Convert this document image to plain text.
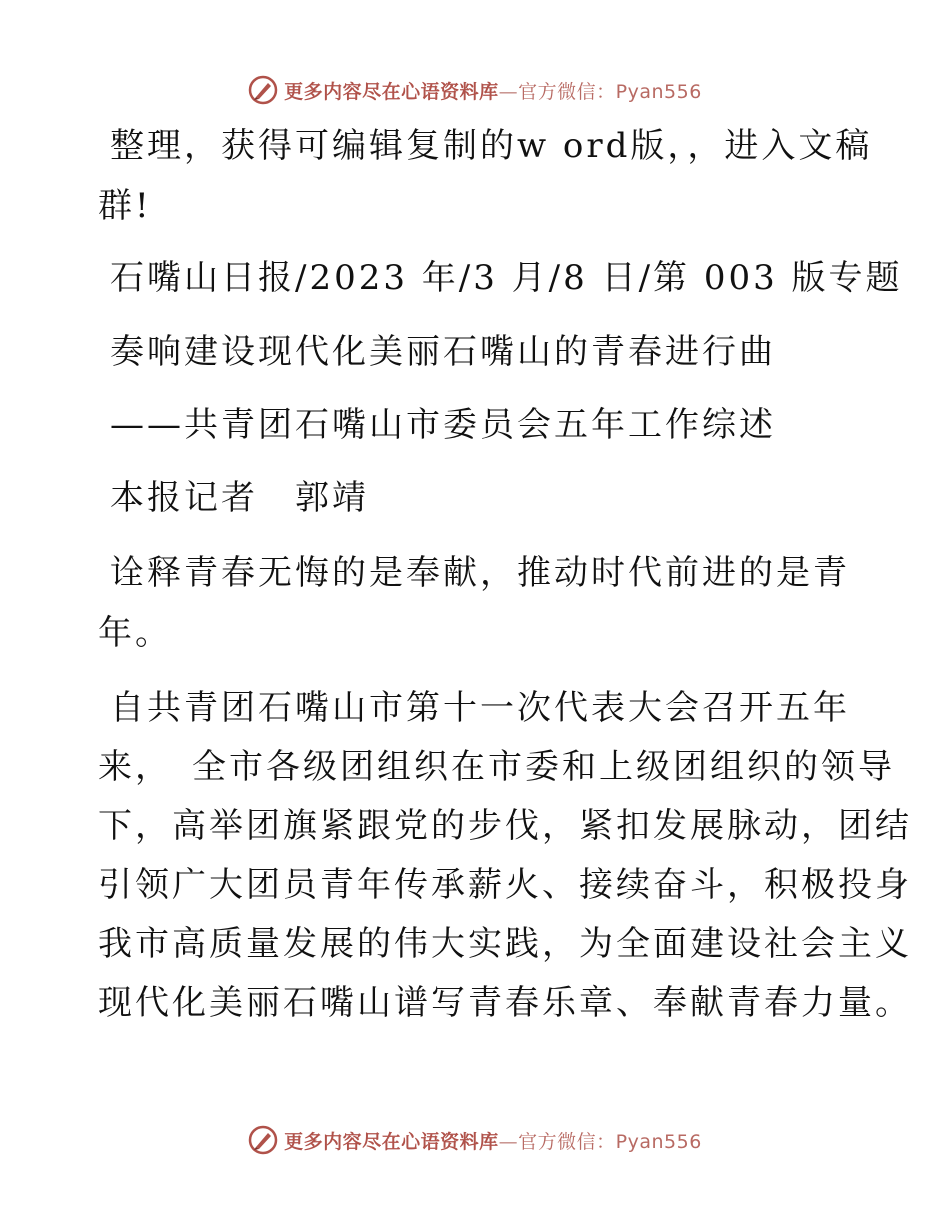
更多内容尽在心语资料库—官方微信：Pyan556
整理，获得可编辑复制的w ord版，，进入文稿
群!
石嘴山日报/2023 年/3 月/8 日/第 003 版专题
奏响建设现代化美丽石嘴山的青春进行曲
——共青团石嘴山市委员会五年工作综述
本报记者　郭靖
诠释青春无悔的是奉献，推动时代前进的是青
年。
自共青团石嘴山市第十一次代表大会召开五年
来，　全市各级团组织在市委和上级团组织的领导
下，高举团旗紧跟党的步伐，紧扣发展脉动，团结
引领广大团员青年传承薪火、接续奋斗，积极投身
我市高质量发展的伟大实践，为全面建设社会主义
现代化美丽石嘴山谱写青春乐章、奉献青春力量。
更多内容尽在心语资料库—官方微信：Pyan556
